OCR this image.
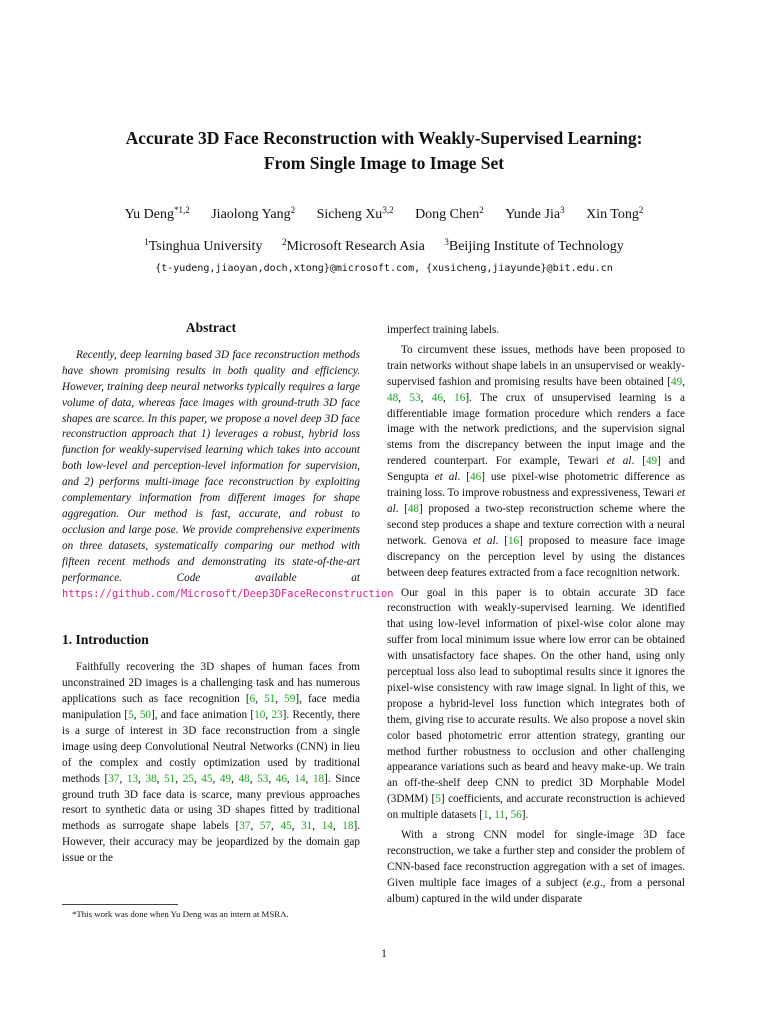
Accurate 3D Face Reconstruction with Weakly-Supervised Learning:
From Single Image to Image Set
Yu Deng$^{*1,2}$ Jiaolong Yang$^2$ Sicheng Xu$^{3,2}$ Dong Chen$^2$ Yunde Jia$^3$ Xin Tong$^2$
$^1$Tsinghua University $^2$Microsoft Research Asia $^3$Beijing Institute of Technology
{t-yudeng,jiaoyan,doch,xtong}@microsoft.com, {xusicheng,jiayunde}@bit.edu.cn
Abstract
Recently, deep learning based 3D face reconstruction methods have shown promising results in both quality and efficiency. However, training deep neural networks typically requires a large volume of data, whereas face images with ground-truth 3D face shapes are scarce. In this paper, we propose a novel deep 3D face reconstruction approach that 1) leverages a robust, hybrid loss function for weakly-supervised learning which takes into account both low-level and perception-level information for supervision, and 2) performs multi-image face reconstruction by exploiting complementary information from different images for shape aggregation. Our method is fast, accurate, and robust to occlusion and large pose. We provide comprehensive experiments on three datasets, systematically comparing our method with fifteen recent methods and demonstrating its state-of-the-art performance. Code available at https://github.com/Microsoft/Deep3DFaceReconstruction
1. Introduction

Faithfully recovering the 3D shapes of human faces from unconstrained 2D images is a challenging task and has numerous applications such as face recognition [6, 51, 59], face media manipulation [5, 50], and face animation [10, 23]. Recently, there is a surge of interest in 3D face reconstruction from a single image using deep Convolutional Neutral Networks (CNN) in lieu of the complex and costly optimization used by traditional methods [37, 13, 38, 51, 25, 45, 49, 48, 53, 46, 14, 18]. Since ground truth 3D face data is scarce, many previous approaches resort to synthetic data or using 3D shapes fitted by traditional methods as surrogate shape labels [37, 57, 45, 31, 14, 18]. However, their accuracy may be jeopardized by the domain gap issue or the

*This work was done when Yu Deng was an intern at MSRA.

imperfect training labels.

To circumvent these issues, methods have been proposed to train networks without shape labels in an unsupervised or weakly-supervised fashion and promising results have been obtained [49, 48, 53, 46, 16]. The crux of unsupervised learning is a differentiable image formation procedure which renders a face image with the network predictions, and the supervision signal stems from the discrepancy between the input image and the rendered counterpart. For example, Tewari et al. [49] and Sengupta et al. [46] use pixel-wise photometric difference as training loss. To improve robustness and expressiveness, Tewari et al. [48] proposed a two-step reconstruction scheme where the second step produces a shape and texture correction with a neural network. Genova et al. [16] proposed to measure face image discrepancy on the perception level by using the distances between deep features extracted from a face recognition network.

Our goal in this paper is to obtain accurate 3D face reconstruction with weakly-supervised learning. We identified that using low-level information of pixel-wise color alone may suffer from local minimum issue where low error can be obtained with unsatisfactory face shapes. On the other hand, using only perceptual loss also lead to suboptimal results since it ignores the pixel-wise consistency with raw image signal. In light of this, we propose a hybrid-level loss function which integrates both of them, giving rise to accurate results. We also propose a novel skin color based photometric error attention strategy, granting our method further robustness to occlusion and other challenging appearance variations such as beard and heavy make-up. We train an off-the-shelf deep CNN to predict 3D Morphable Model (3DMM) [5] coefficients, and accurate reconstruction is achieved on multiple datasets [1, 11, 56].

With a strong CNN model for single-image 3D face reconstruction, we take a further step and consider the problem of CNN-based face reconstruction aggregation with a set of images. Given multiple face images of a subject (e.g., from a personal album) captured in the wild under disparate

1
